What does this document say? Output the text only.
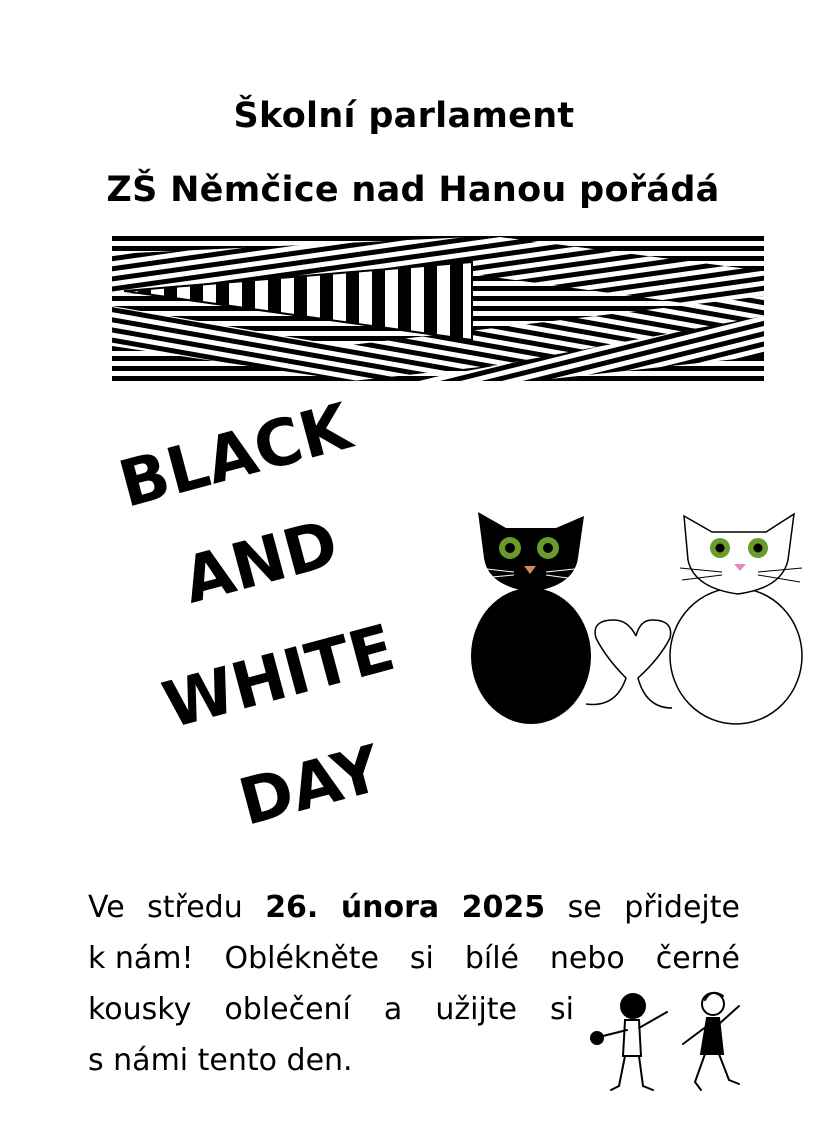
Školní parlament
ZŠ Němčice nad Hanou pořádá
BLACK
AND
WHITE
DAY
Ve středu 26. února 2025 se přidejte
k nám! Oblékněte si bílé nebo černé
kousky oblečení a užijte si
s námi tento den.
